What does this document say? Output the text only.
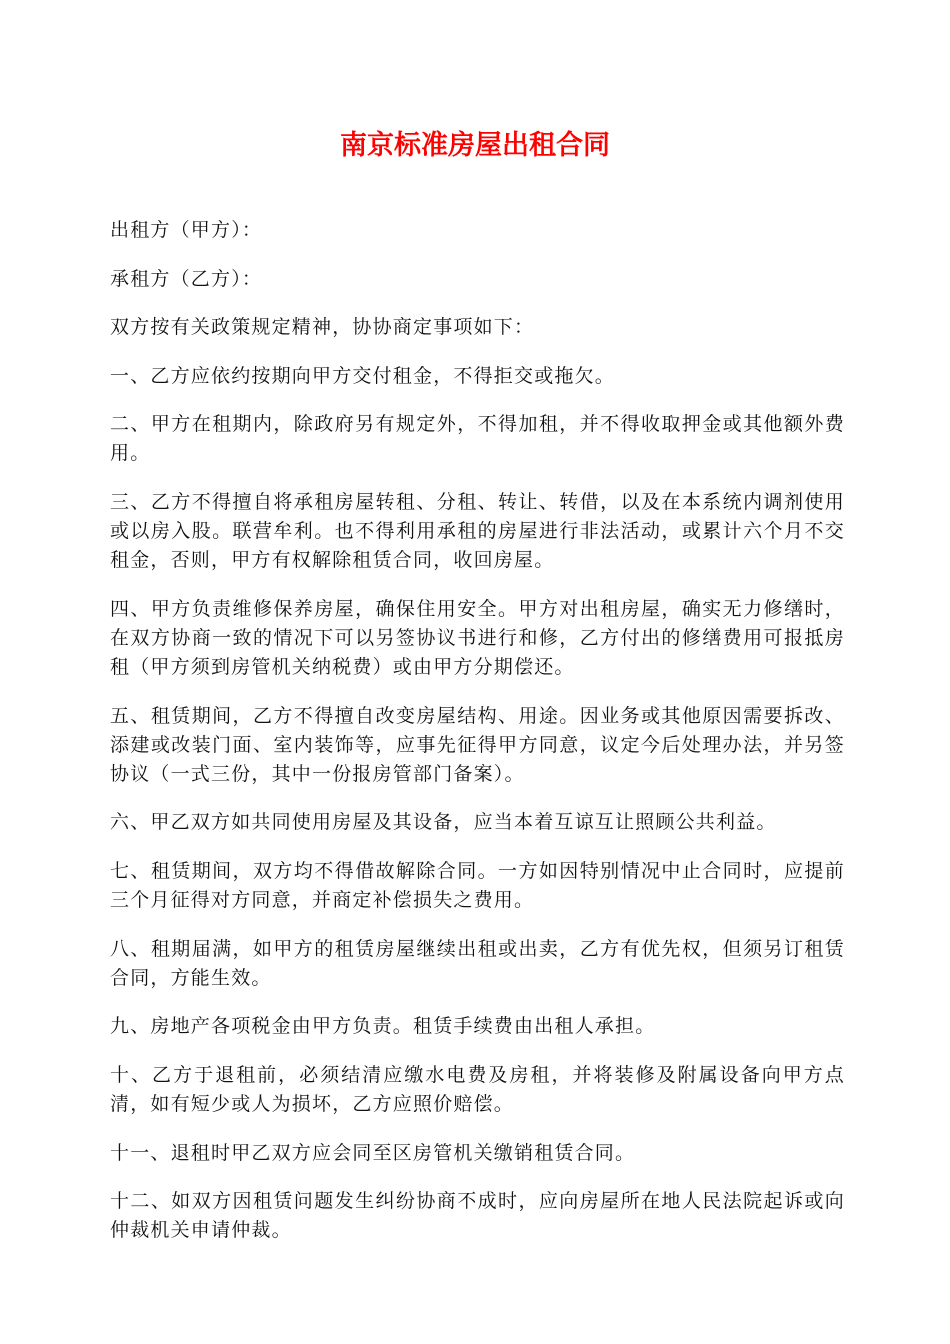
南京标准房屋出租合同

出租方（甲方）：

承租方（乙方）：

双方按有关政策规定精神，协协商定事项如下：

一、乙方应依约按期向甲方交付租金，不得拒交或拖欠。

二、甲方在租期内，除政府另有规定外，不得加租，并不得收取押金或其他额外费用。

三、乙方不得擅自将承租房屋转租、分租、转让、转借，以及在本系统内调剂使用或以房入股。联营牟利。也不得利用承租的房屋进行非法活动，或累计六个月不交租金，否则，甲方有权解除租赁合同，收回房屋。

四、甲方负责维修保养房屋，确保住用安全。甲方对出租房屋，确实无力修缮时，在双方协商一致的情况下可以另签协议书进行和修，乙方付出的修缮费用可报抵房租（甲方须到房管机关纳税费）或由甲方分期偿还。

五、租赁期间，乙方不得擅自改变房屋结构、用途。因业务或其他原因需要拆改、添建或改装门面、室内装饰等，应事先征得甲方同意，议定今后处理办法，并另签协议（一式三份，其中一份报房管部门备案）。

六、甲乙双方如共同使用房屋及其设备，应当本着互谅互让照顾公共利益。

七、租赁期间，双方均不得借故解除合同。一方如因特别情况中止合同时，应提前三个月征得对方同意，并商定补偿损失之费用。

八、租期届满，如甲方的租赁房屋继续出租或出卖，乙方有优先权，但须另订租赁合同，方能生效。

九、房地产各项税金由甲方负责。租赁手续费由出租人承担。

十、乙方于退租前，必须结清应缴水电费及房租，并将装修及附属设备向甲方点清，如有短少或人为损坏，乙方应照价赔偿。

十一、退租时甲乙双方应会同至区房管机关缴销租赁合同。

十二、如双方因租赁问题发生纠纷协商不成时，应向房屋所在地人民法院起诉或向仲裁机关申请仲裁。
